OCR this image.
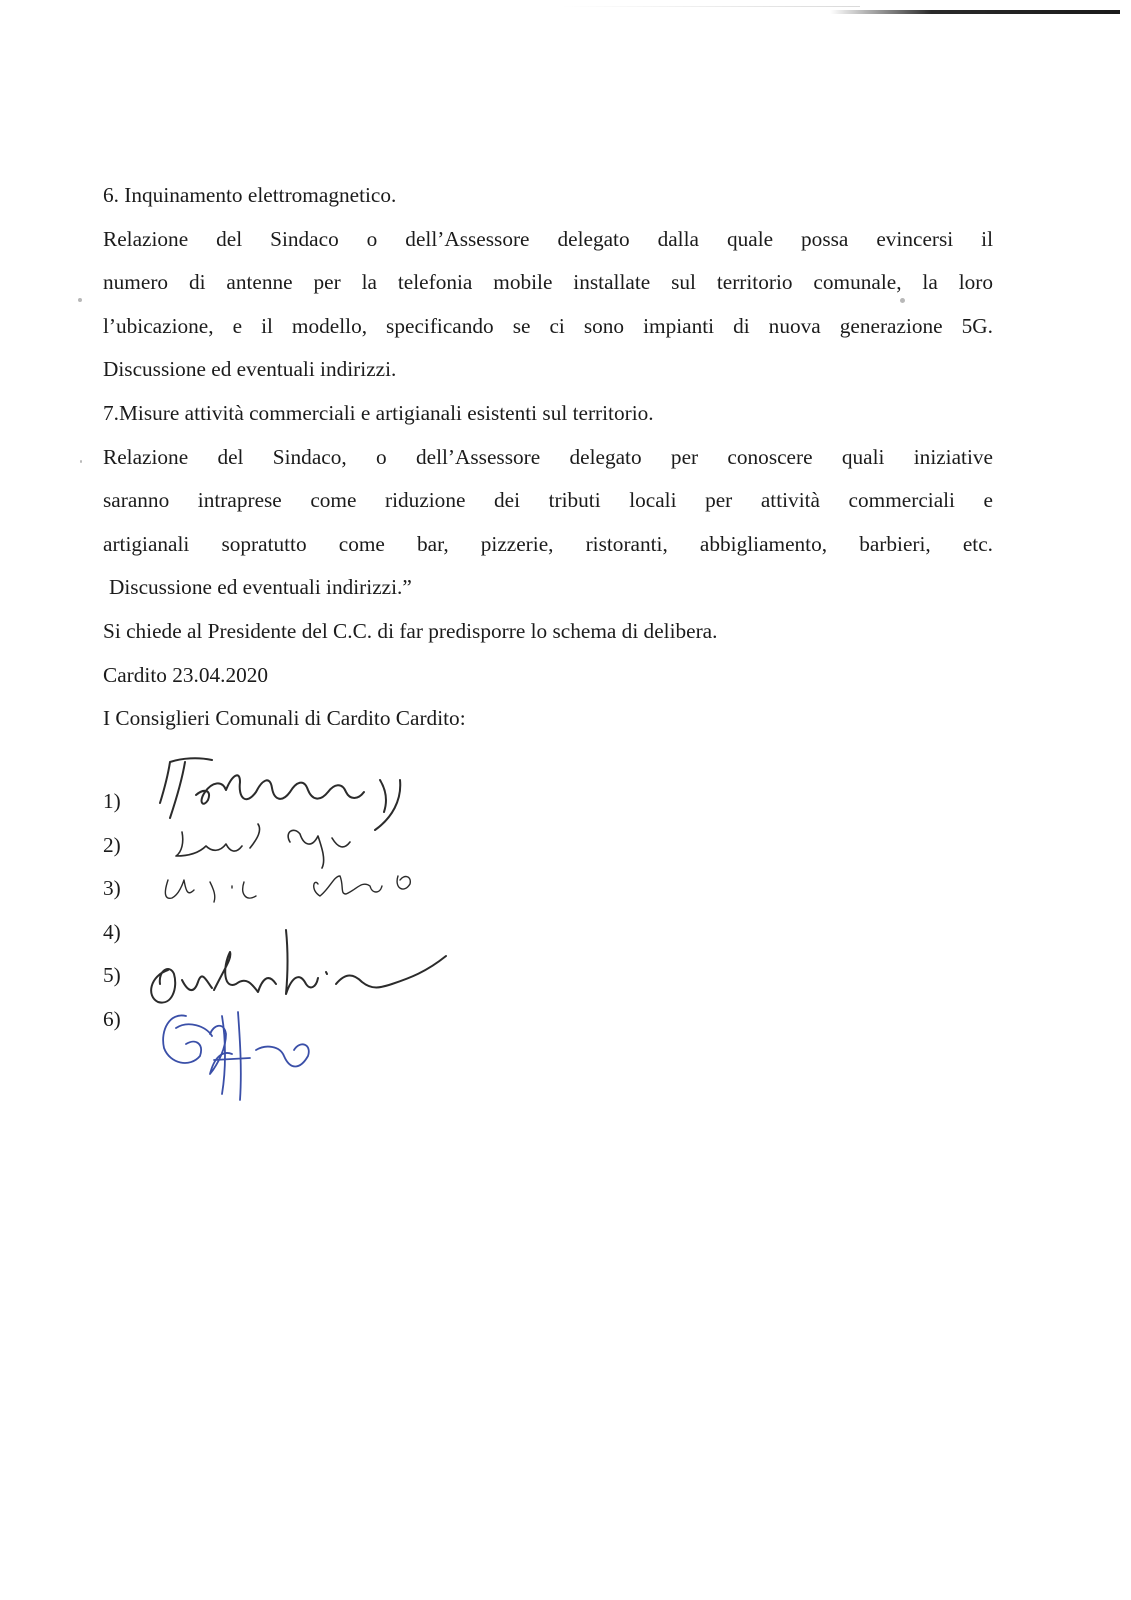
6. Inquinamento elettromagnetico.

Relazione del Sindaco o dell’Assessore delegato dalla quale possa evincersi il

numero di antenne per la telefonia mobile installate sul territorio comunale, la loro

l’ubicazione, e il modello, specificando se ci sono impianti di nuova generazione 5G.

Discussione ed eventuali indirizzi.

7.Misure attività commerciali e artigianali esistenti sul territorio.

Relazione del Sindaco, o dell’Assessore delegato per conoscere quali iniziative

saranno intraprese come riduzione dei tributi locali per attività commerciali e

artigianali sopratutto come bar, pizzerie, ristoranti, abbigliamento, barbieri, etc.

Discussione ed eventuali indirizzi.”

Si chiede al Presidente del C.C. di far predisporre lo schema di delibera.

Cardito 23.04.2020

I Consiglieri Comunali di Cardito Cardito:

1)

2)

3)

4)

5)

6)
